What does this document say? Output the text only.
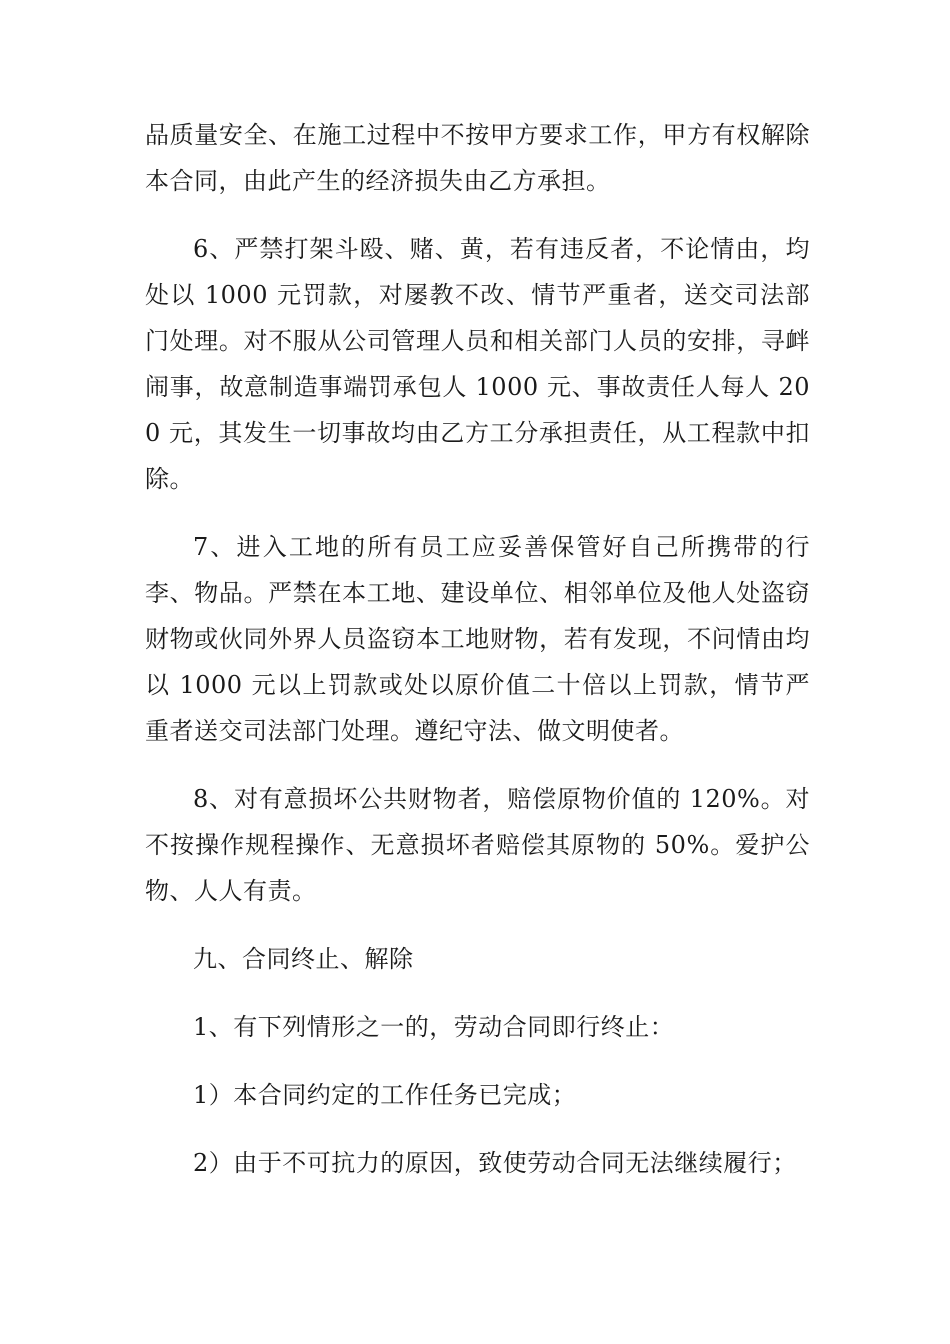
品质量安全、在施工过程中不按甲方要求工作，甲方有权解除本合同，由此产生的经济损失由乙方承担。

6、严禁打架斗殴、赌、黄，若有违反者，不论情由，均处以 1000 元罚款，对屡教不改、情节严重者，送交司法部门处理。对不服从公司管理人员和相关部门人员的安排，寻衅闹事，故意制造事端罚承包人 1000 元、事故责任人每人 200 元，其发生一切事故均由乙方工分承担责任，从工程款中扣除。

7、进入工地的所有员工应妥善保管好自己所携带的行李、物品。严禁在本工地、建设单位、相邻单位及他人处盗窃财物或伙同外界人员盗窃本工地财物，若有发现，不问情由均以 1000 元以上罚款或处以原价值二十倍以上罚款，情节严重者送交司法部门处理。遵纪守法、做文明使者。

8、对有意损坏公共财物者，赔偿原物价值的 120%。对不按操作规程操作、无意损坏者赔偿其原物的 50%。爱护公物、人人有责。

九、合同终止、解除

1、有下列情形之一的，劳动合同即行终止：

1）本合同约定的工作任务已完成；

2）由于不可抗力的原因，致使劳动合同无法继续履行；
